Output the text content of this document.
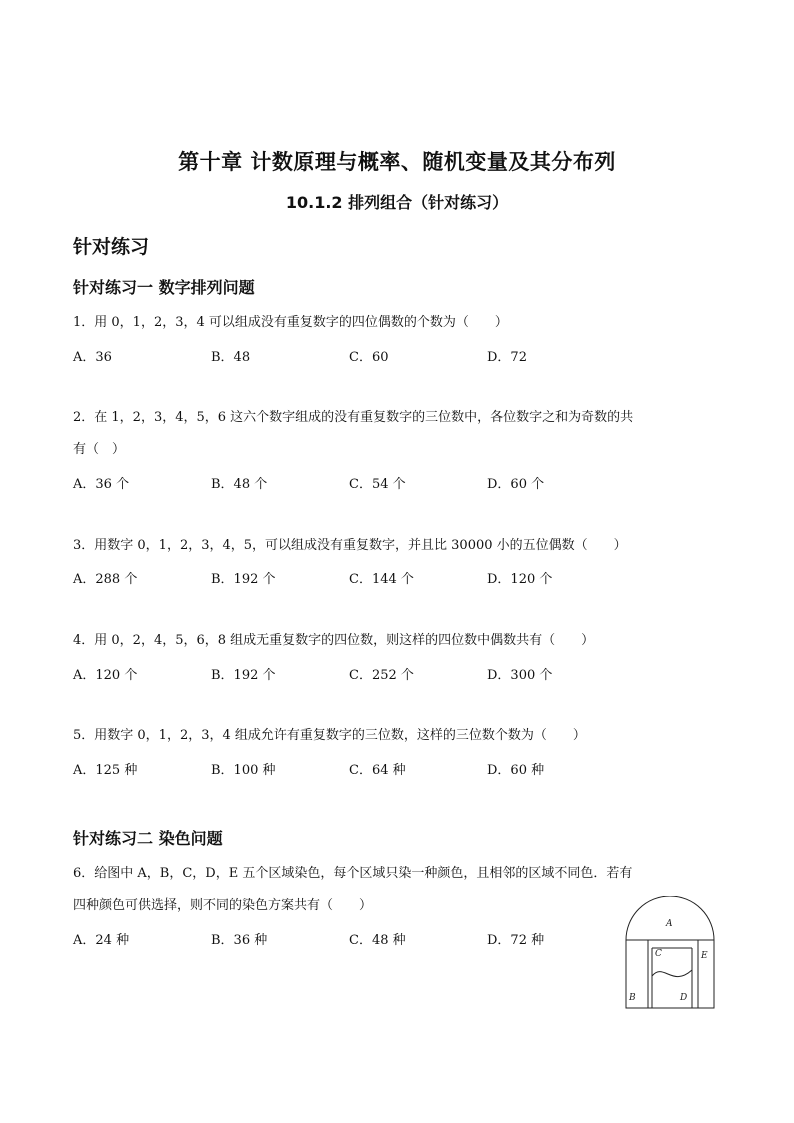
第十章 计数原理与概率、随机变量及其分布列
10.1.2 排列组合（针对练习）
针对练习
针对练习一 数字排列问题
1．用 0，1，2，3，4 可以组成没有重复数字的四位偶数的个数为（　　）
A．36	B．48	C．60	D．72
2．在 1，2，3，4，5，6 这六个数字组成的没有重复数字的三位数中，各位数字之和为奇数的共
有（　）
A．36 个	B．48 个	C．54 个	D．60 个
3．用数字 0，1，2，3，4，5，可以组成没有重复数字，并且比 30000 小的五位偶数（　　）
A．288 个	B．192 个	C．144 个	D．120 个
4．用 0，2，4，5，6，8 组成无重复数字的四位数，则这样的四位数中偶数共有（　　）
A．120 个	B．192 个	C．252 个	D．300 个
5．用数字 0，1，2，3，4 组成允许有重复数字的三位数，这样的三位数个数为（　　）
A．125 种	B．100 种	C．64 种	D．60 种
针对练习二 染色问题
6．给图中 A，B，C，D，E 五个区域染色，每个区域只染一种颜色，且相邻的区域不同色．若有
四种颜色可供选择，则不同的染色方案共有（　　）
A．24 种	B．36 种	C．48 种	D．72 种
A
B
C
D
E
